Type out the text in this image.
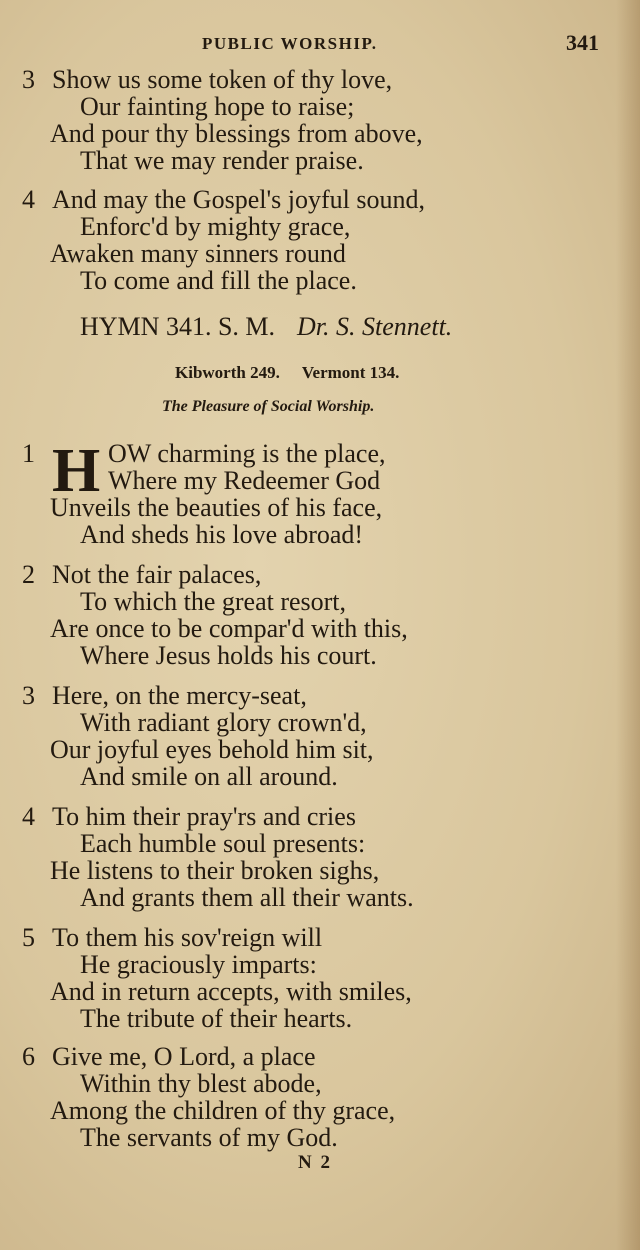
PUBLIC WORSHIP.	341
3 Show us some token of thy love,
Our fainting hope to raise;
And pour thy blessings from above,
That we may render praise.
4 And may the Gospel's joyful sound,
Enforc'd by mighty grace,
Awaken many sinners round
To come and fill the place.
HYMN 341. S. M. Dr. S. Stennett.
Kibworth 249. Vermont 134.
The Pleasure of Social Worship.
H
1	OW charming is the place,
Where my Redeemer God
Unveils the beauties of his face,
And sheds his love abroad!
2 Not the fair palaces,
To which the great resort,
Are once to be compar'd with this,
Where Jesus holds his court.
3 Here, on the mercy-seat,
With radiant glory crown'd,
Our joyful eyes behold him sit,
And smile on all around.
4 To him their pray'rs and cries
Each humble soul presents:
He listens to their broken sighs,
And grants them all their wants.
5 To them his sov'reign will
He graciously imparts:
And in return accepts, with smiles,
The tribute of their hearts.
6 Give me, O Lord, a place
Within thy blest abode,
Among the children of thy grace,
The servants of my God.
N 2
